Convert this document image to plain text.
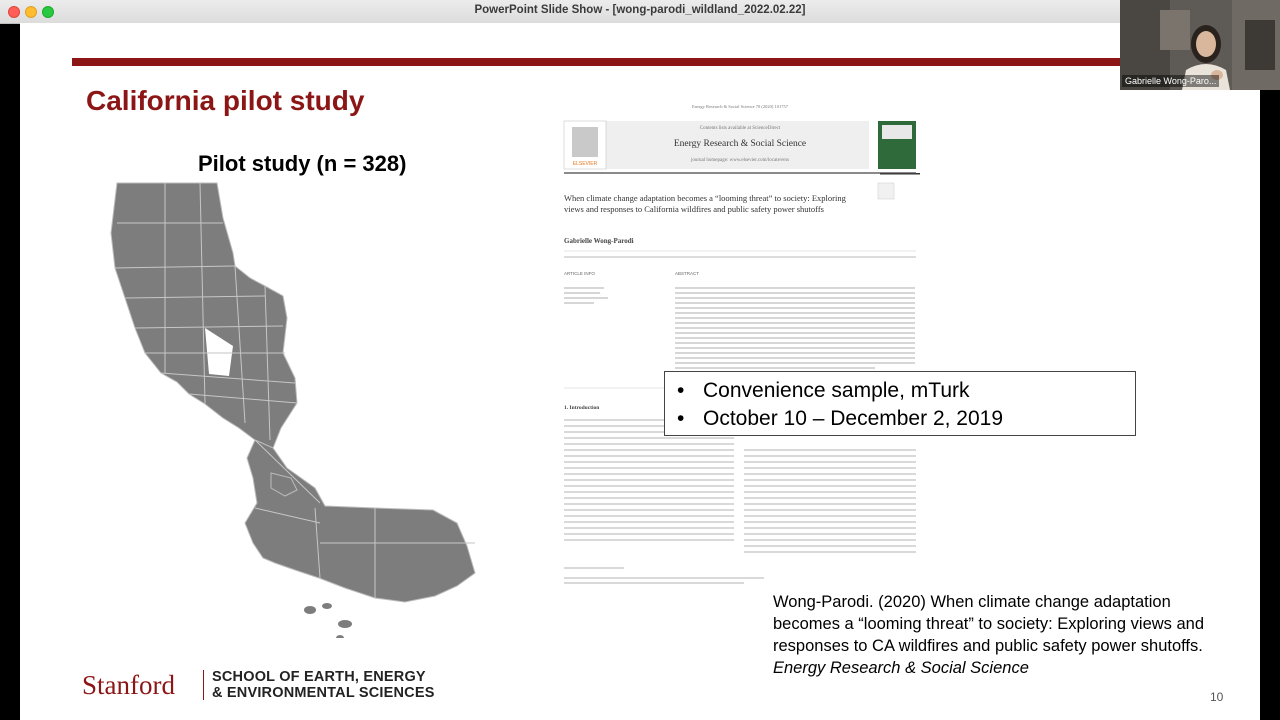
PowerPoint Slide Show - [wong-parodi_wildland_2022.02.22]
California pilot study
Pilot study (n = 328)
Energy Research & Social Science 70 (2020) 101757
ELSEVIER
Contents lists available at ScienceDirect
Energy Research & Social Science
journal homepage: www.elsevier.com/locate/erss
When climate change adaptation becomes a “looming threat” to society: Exploring views and responses to California wildfires and public safety power shutoffs
Gabrielle Wong-Parodi
ARTICLE INFO	ABSTRACT
1. Introduction
• Convenience sample, mTurk
• October 10 – December 2, 2019
Wong-Parodi. (2020) When climate change adaptation becomes a “looming threat” to society: Exploring views and responses to CA wildfires and public safety power shutoffs. Energy Research & Social Science
Stanford	SCHOOL OF EARTH, ENERGY
& ENVIRONMENTAL SCIENCES	10
Gabrielle Wong-Paro...
